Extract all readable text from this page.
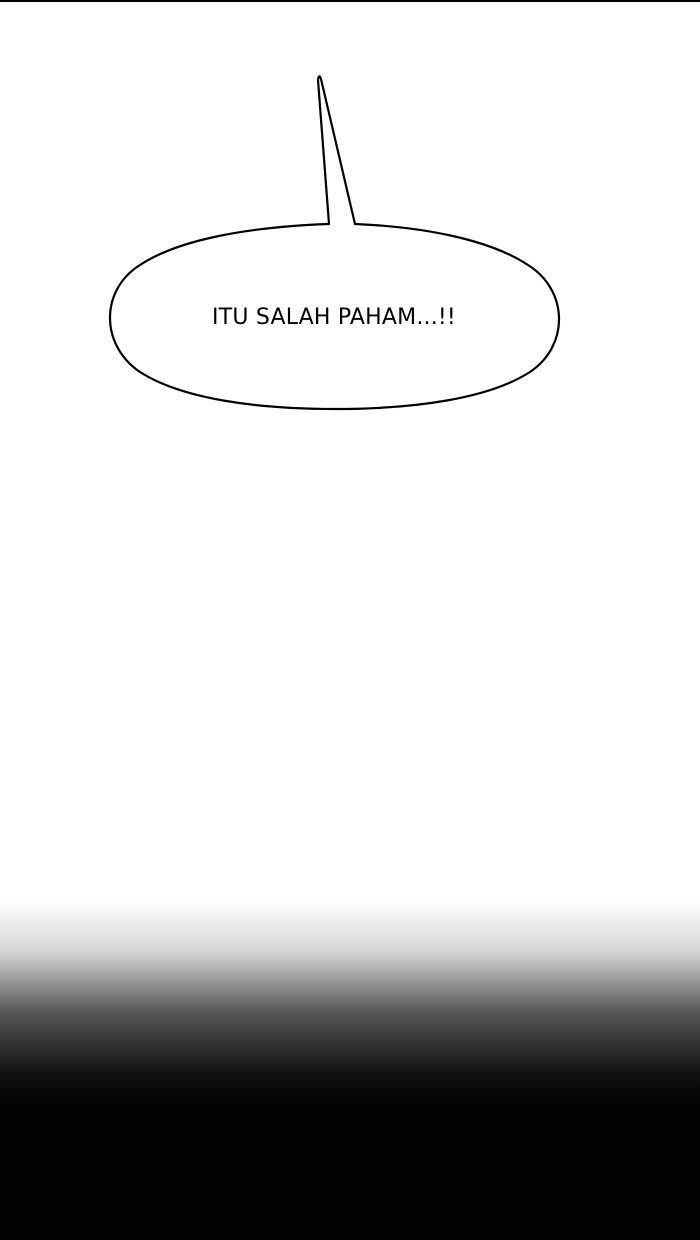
ITU SALAH PAHAM...!!
